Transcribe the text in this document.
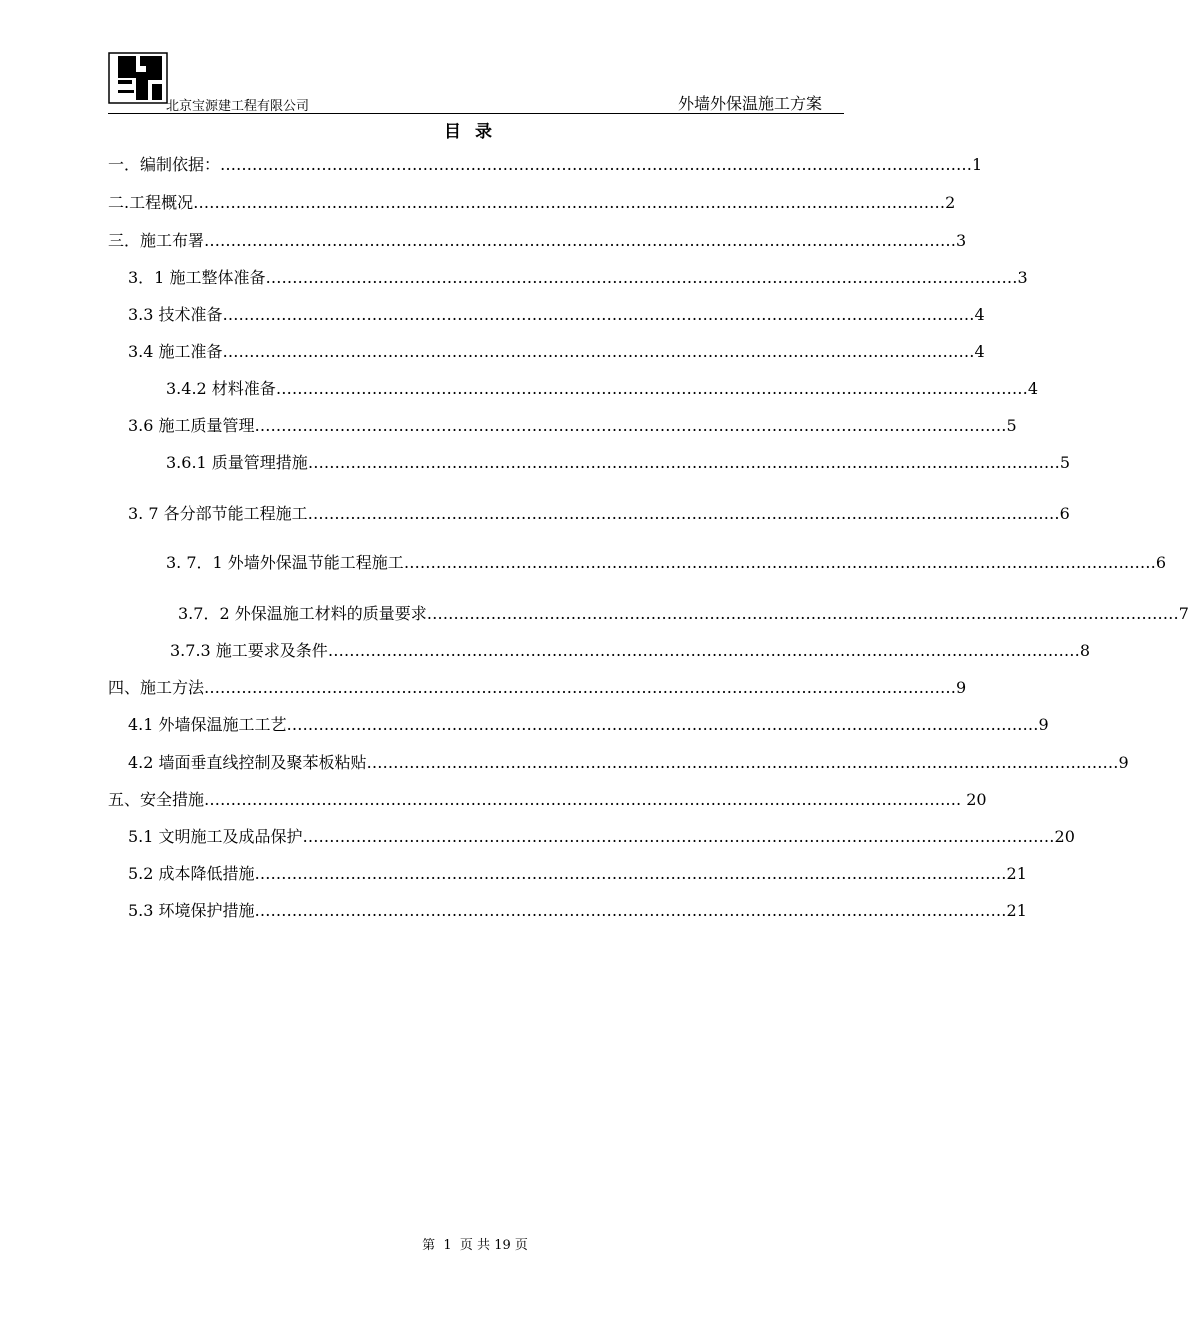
北京宝源建工程有限公司	外墙外保温施工方案
目录
一．编制依据： …………………………………………………………………………………………………………………………… 1
二.工程概况 …………………………………………………………………………………………………………………………… 2
三．施工布署 …………………………………………………………………………………………………………………………… 3
3．1 施工整体准备 …………………………………………………………………………………………………………………………… 3
3.3 技术准备 …………………………………………………………………………………………………………………………… 4
3.4 施工准备 …………………………………………………………………………………………………………………………… 4
3.4.2 材料准备 …………………………………………………………………………………………………………………………… 4
3.6 施工质量管理 …………………………………………………………………………………………………………………………… 5
3.6.1 质量管理措施 …………………………………………………………………………………………………………………………… 5
3. 7 各分部节能工程施工 …………………………………………………………………………………………………………………………… 6
3. 7．1 外墙外保温节能工程施工 …………………………………………………………………………………………………………………………… 6
3.7．2 外保温施工材料的质量要求 …………………………………………………………………………………………………………………………… 7
3.7.3 施工要求及条件 …………………………………………………………………………………………………………………………… 8
四、施工方法 …………………………………………………………………………………………………………………………… 9
4.1 外墙保温施工工艺 …………………………………………………………………………………………………………………………… 9
4.2 墙面垂直线控制及聚苯板粘贴 …………………………………………………………………………………………………………………………… 9
五、安全措施 …………………………………………………………………………………………………………………………… . 20
5.1 文明施工及成品保护 …………………………………………………………………………………………………………………………… 20
5.2 成本降低措施 …………………………………………………………………………………………………………………………… 21
5.3 环境保护措施 …………………………………………………………………………………………………………………………… 21
第  1  页 共 19 页
